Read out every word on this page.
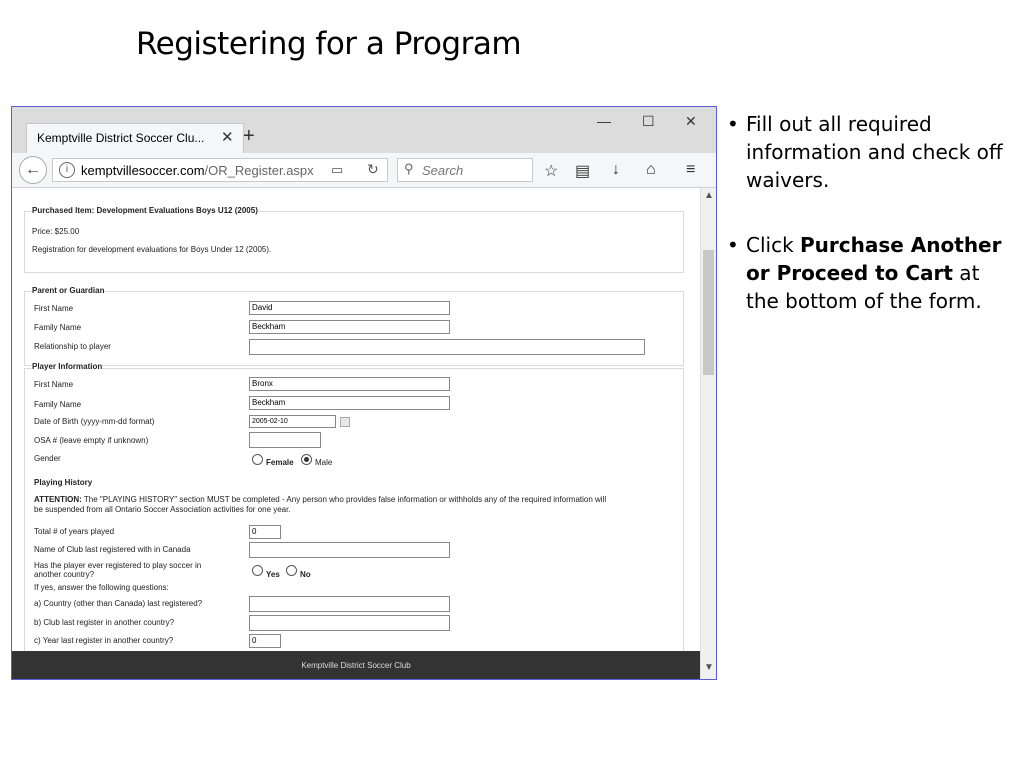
Registering for a Program
Kemptville District Soccer Clu... ✕ +
— ☐ ✕
←	i kemptvillesoccer.com/OR_Register.aspx ▭ ↻ ⚲ Search	☆ ▤ ↓ ⌂ ≡
Purchased Item: Development Evaluations Boys U12 (2005)
Price: $25.00
Registration for development evaluations for Boys Under 12 (2005).
Parent or Guardian
First Name	David
Family Name	Beckham
Relationship to player
Player Information
First Name	Bronx
Family Name	Beckham
Date of Birth (yyyy-mm-dd format)	2005-02-10
OSA # (leave empty if unknown)
Gender	Female	Male
Playing History
ATTENTION: The "PLAYING HISTORY" section MUST be completed - Any person who provides false information or withholds any of the required information will
be suspended from all Ontario Soccer Association activities for one year.
Total # of years played	0
Name of Club last registered with in Canada
Has the player ever registered to play soccer in
another country?	Yes	No
If yes, answer the following questions:
a) Country (other than Canada) last registered?
b) Club last register in another country?
c) Year last register in another country?	0
▲
▼
Kemptville District Soccer Club
• Fill out all required information and check off waivers.
• Click Purchase Another or Proceed to Cart at the bottom of the form.
